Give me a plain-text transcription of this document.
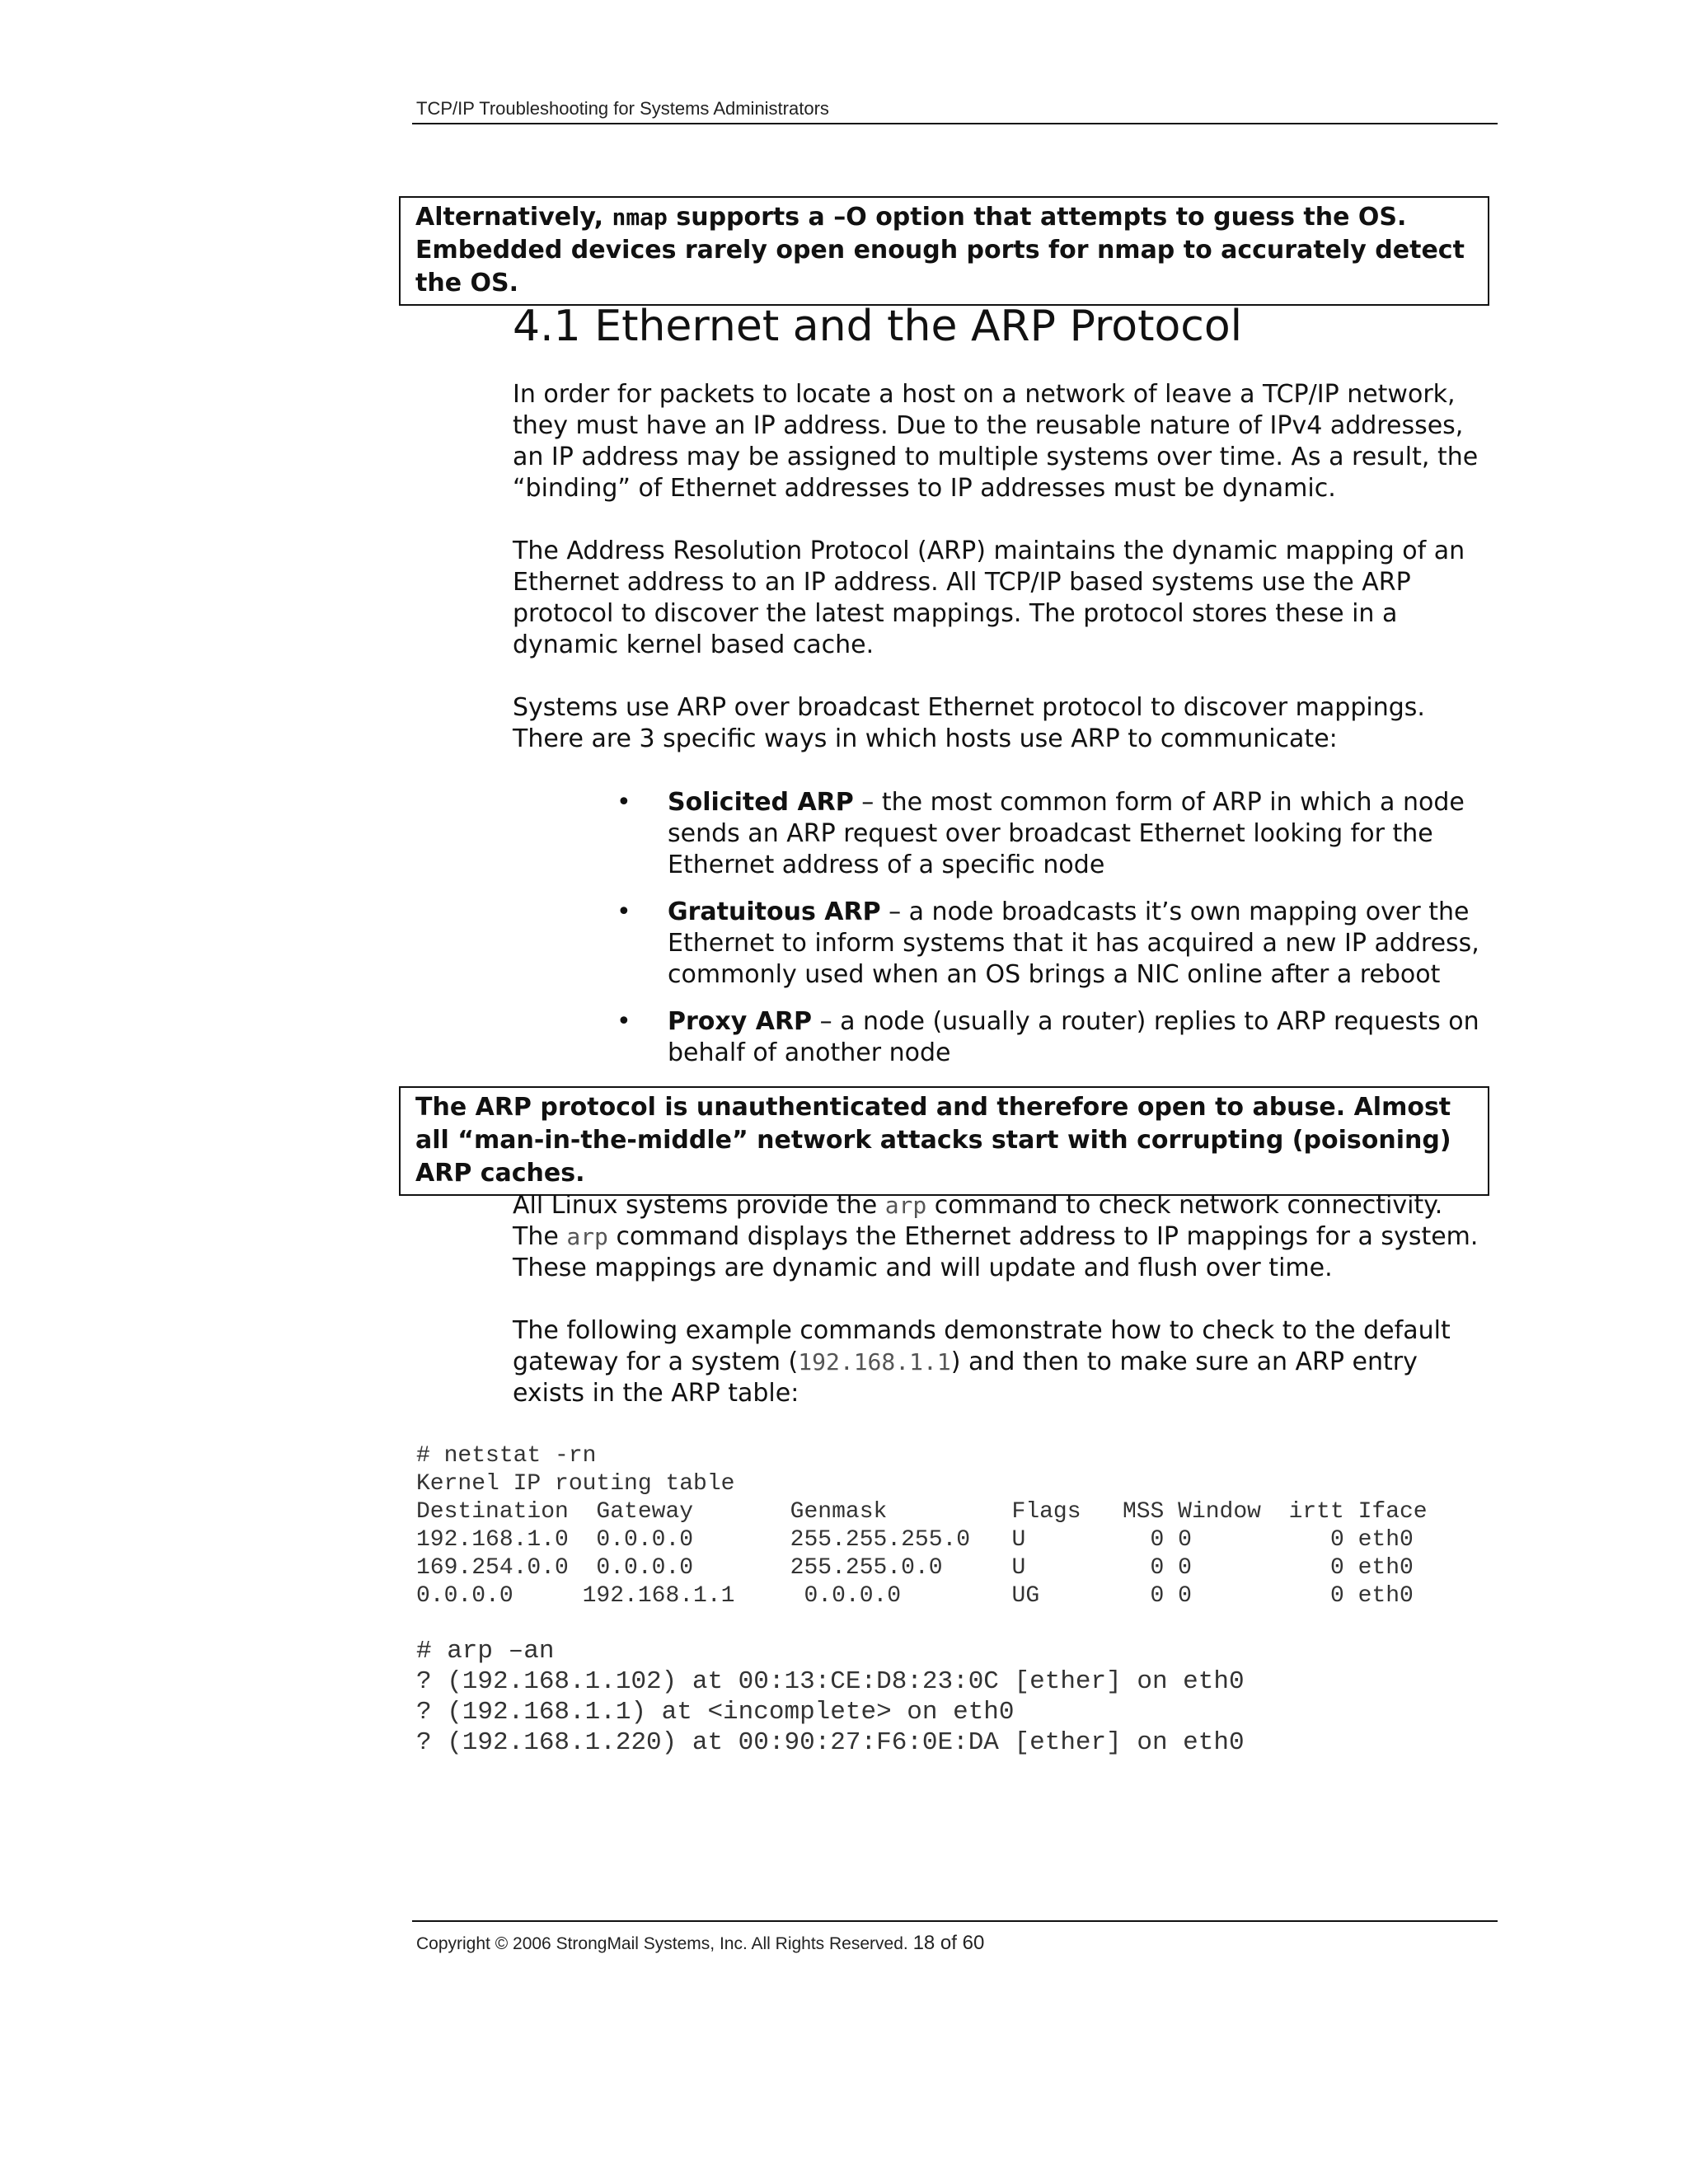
TCP/IP Troubleshooting for Systems Administrators
Alternatively, nmap supports a –O option that attempts to guess the OS. Embedded devices rarely open enough ports for nmap to accurately detect the OS.
4.1 Ethernet and the ARP Protocol

In order for packets to locate a host on a network of leave a TCP/IP network, they must have an IP address. Due to the reusable nature of IPv4 addresses, an IP address may be assigned to multiple systems over time. As a result, the “binding” of Ethernet addresses to IP addresses must be dynamic.

The Address Resolution Protocol (ARP) maintains the dynamic mapping of an Ethernet address to an IP address. All TCP/IP based systems use the ARP protocol to discover the latest mappings. The protocol stores these in a dynamic kernel based cache.

Systems use ARP over broadcast Ethernet protocol to discover mappings. There are 3 specific ways in which hosts use ARP to communicate:

• Solicited ARP – the most common form of ARP in which a node sends an ARP request over broadcast Ethernet looking for the Ethernet address of a specific node
• Gratuitous ARP – a node broadcasts it’s own mapping over the Ethernet to inform systems that it has acquired a new IP address, commonly used when an OS brings a NIC online after a reboot
• Proxy ARP – a node (usually a router) replies to ARP requests on behalf of another node
The ARP protocol is unauthenticated and therefore open to abuse. Almost all “man-in-the-middle” network attacks start with corrupting (poisoning) ARP caches.

All Linux systems provide the arp command to check network connectivity. The arp command displays the Ethernet address to IP mappings for a system. These mappings are dynamic and will update and flush over time.

The following example commands demonstrate how to check to the default gateway for a system (192.168.1.1) and then to make sure an ARP entry exists in the ARP table:

# netstat -rn
Kernel IP routing table
Destination  Gateway       Genmask         Flags   MSS Window  irtt Iface
192.168.1.0  0.0.0.0       255.255.255.0   U         0 0          0 eth0
169.254.0.0  0.0.0.0       255.255.0.0     U         0 0          0 eth0
0.0.0.0     192.168.1.1     0.0.0.0        UG        0 0          0 eth0
# arp –an
? (192.168.1.102) at 00:13:CE:D8:23:0C [ether] on eth0
? (192.168.1.1) at <incomplete> on eth0
? (192.168.1.220) at 00:90:27:F6:0E:DA [ether] on eth0
Copyright © 2006 StrongMail Systems, Inc. All Rights Reserved. 18 of 60
